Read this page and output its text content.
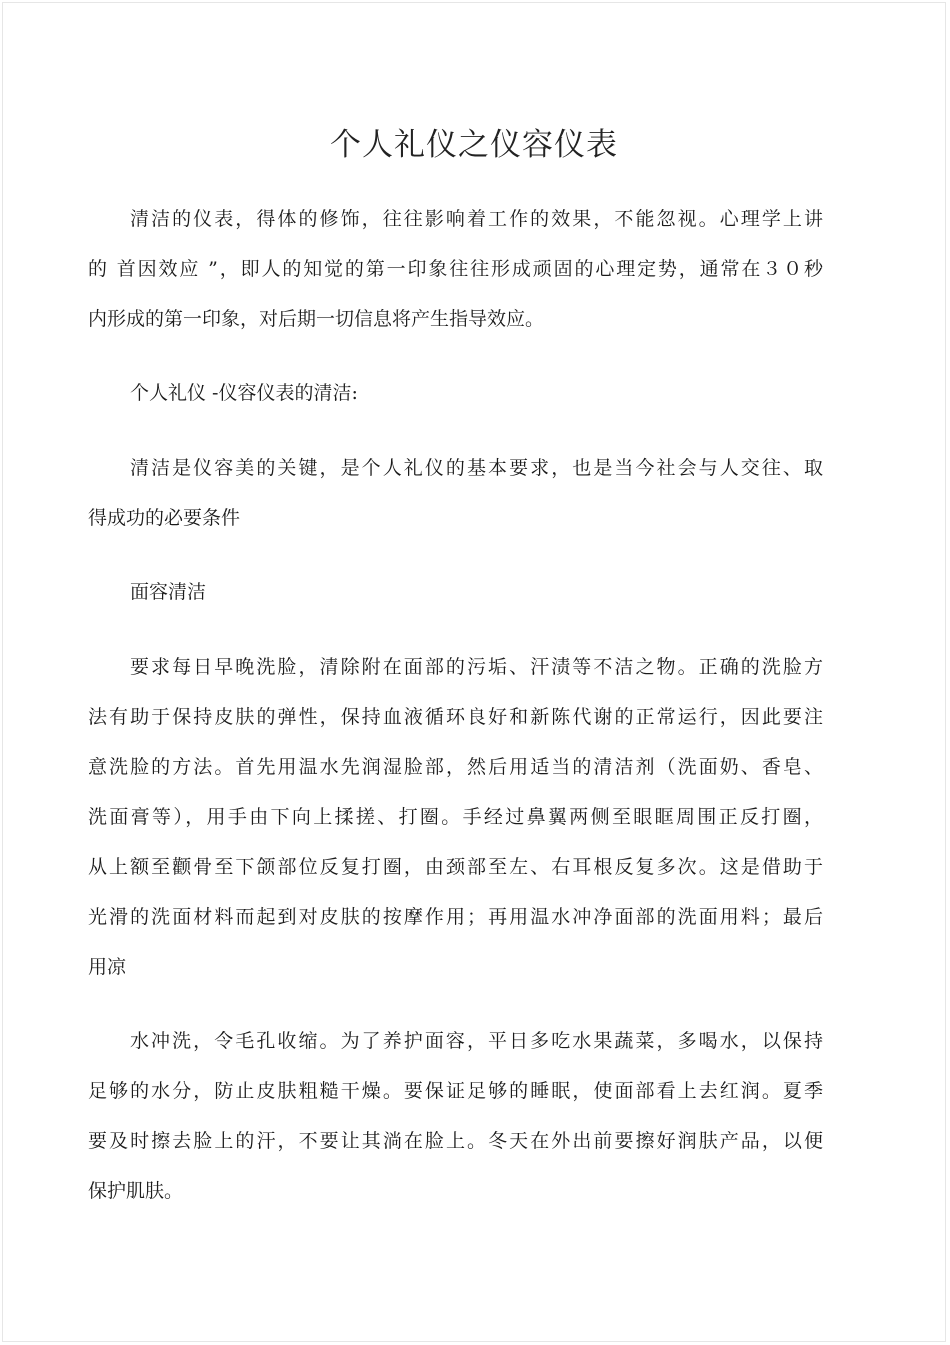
个人礼仪之仪容仪表
清洁的仪表，得体的修饰，往往影响着工作的效果，不能忽视。心理学上讲
的 首因效应 ”，即人的知觉的第一印象往往形成顽固的心理定势，通常在３０秒
内形成的第一印象，对后期一切信息将产生指导效应。
个人礼仪 -仪容仪表的清洁:
清洁是仪容美的关键，是个人礼仪的基本要求，也是当今社会与人交往、取
得成功的必要条件
面容清洁
要求每日早晚洗脸，清除附在面部的污垢、汗渍等不洁之物。正确的洗脸方
法有助于保持皮肤的弹性，保持血液循环良好和新陈代谢的正常运行，因此要注
意洗脸的方法。首先用温水先润湿脸部，然后用适当的清洁剂（洗面奶、香皂、
洗面膏等），用手由下向上揉搓、打圈。手经过鼻翼两侧至眼眶周围正反打圈，
从上额至颧骨至下颌部位反复打圈，由颈部至左、右耳根反复多次。这是借助于
光滑的洗面材料而起到对皮肤的按摩作用；再用温水冲净面部的洗面用料；最后
用凉
水冲洗，令毛孔收缩。为了养护面容，平日多吃水果蔬菜，多喝水，以保持
足够的水分，防止皮肤粗糙干燥。要保证足够的睡眠，使面部看上去红润。夏季
要及时擦去脸上的汗，不要让其淌在脸上。冬天在外出前要擦好润肤产品，以便
保护肌肤。
